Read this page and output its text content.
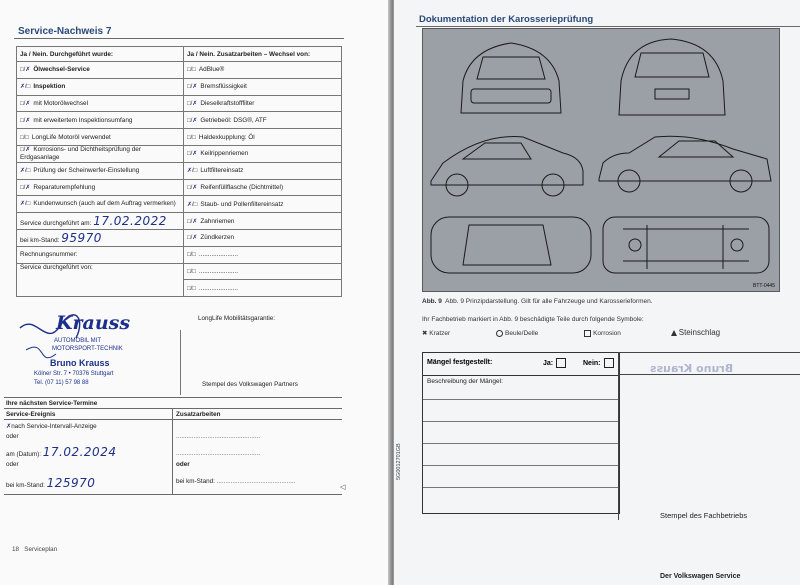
Service-Nachweis 7
Ja / Nein. Durchgeführt wurde:	Ja / Nein. Zusatzarbeiten – Wechsel von:
□/✗ Ölwechsel-Service	□/□ AdBlue®
✗/□ Inspektion	□/✗ Bremsflüssigkeit
□/✗ mit Motorölwechsel	□/✗ Dieselkraftstofffilter
□/✗ mit erweitertem Inspektionsumfang	□/✗ Getriebeöl: DSG®, ATF
□/□ LongLife Motoröl verwendet	□/□ Haldexkupplung: Öl
□/✗ Korrosions- und Dichtheitsprüfung der Erdgasanlage	□/✗ Keilrippenriemen
✗/□ Prüfung der Scheinwerfer-Einstellung	✗/□ Luftfiltereinsatz
□/✗ Reparaturempfehlung	□/✗ Reifenfüllflasche (Dichtmittel)
✗/□ Kundenwunsch (auch auf dem Auftrag vermerken)	✗/□ Staub- und Pollenfiltereinsatz
Service durchgeführt am: 17.02.2022	□/✗ Zahnriemen
bei km-Stand: 95970	□/✗ Zündkerzen
Rechnungsnummer:	□/□ ......................
Service durchgeführt von:	□/□ ......................
	□/□ ......................
LongLife Mobilitätsgarantie:
Stempel des Volkswagen Partners
Krauss
AUTOMOBIL MIT
MOTORSPORT-TECHNIK
Bruno Krauss
Kölner Str. 7 • 70376 Stuttgart
Tel. (07 11) 57 98 88
Ihre nächsten Service-Termine
Service-Ereignis	Zusatzarbeiten
✗nach Service-Intervall-Anzeige
oder	................................................
am (Datum): 17.02.2024	................................................
oder	oder
bei km-Stand: 125970	bei km-Stand: .............................................
◁
18 Serviceplan
Dokumentation der Karosserieprüfung
BTT-0445
Abb. 9 Abb. 9 Prinzipdarstellung. Gilt für alle Fahrzeuge und Karosserieformen.
Ihr Fachbetrieb markiert in Abb. 9 beschädigte Teile durch folgende Symbole:
✖ Kratzer	Beule/Delle	Korrosion	Steinschlag
Mängel festgestellt:	Ja:	Nein:
Beschreibung der Mängel:
Stempel des Fachbetriebs
Bruno Krauss
5G0012701GB
Der Volkswagen Service
